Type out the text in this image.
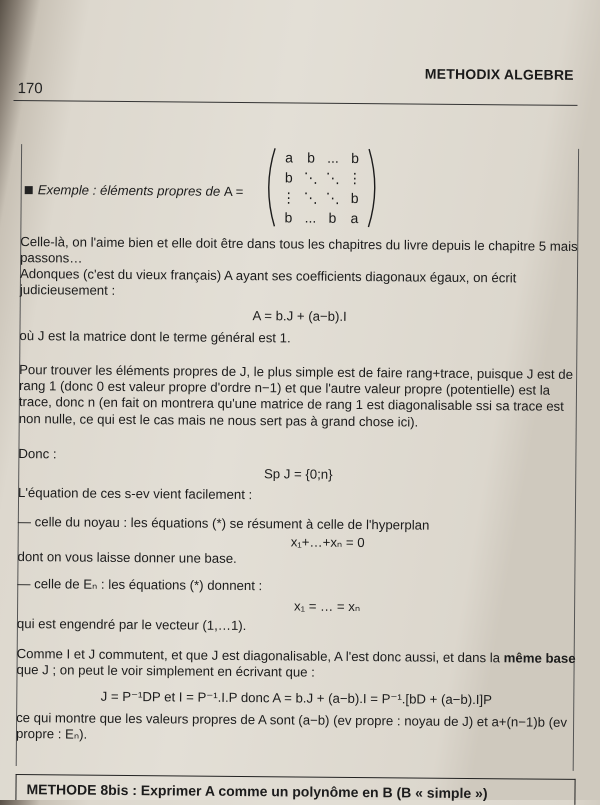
METHODIX ALGEBRE
170
Exemple : éléments propres de A =
a b ... b
b ⋱ ⋱ ⋮
⋮ ⋱ ⋱ b
b ... b a
Celle-là, on l'aime bien et elle doit être dans tous les chapitres du livre depuis le chapitre 5 mais passons…
Adonques (c'est du vieux français) A ayant ses coefficients diagonaux égaux, on écrit judicieusement :
A = b.J + (a−b).I
où J est la matrice dont le terme général est 1.
Pour trouver les éléments propres de J, le plus simple est de faire rang+trace, puisque J est de rang 1 (donc 0 est valeur propre d'ordre n−1) et que l'autre valeur propre (potentielle) est la trace, donc n (en fait on montrera qu'une matrice de rang 1 est diagonalisable ssi sa trace est non nulle, ce qui est le cas mais ne nous sert pas à grand chose ici).
Donc :
Sp J = {0;n}
L'équation de ces s-ev vient facilement :
— celle du noyau : les équations (*) se résument à celle de l'hyperplan
x₁+…+xₙ = 0
dont on vous laisse donner une base.
— celle de Eₙ : les équations (*) donnent :
x₁ = … = xₙ
qui est engendré par le vecteur (1,…1).
Comme I et J commutent, et que J est diagonalisable, A l'est donc aussi, et dans la même base que J ; on peut le voir simplement en écrivant que :
J = P⁻¹DP et I = P⁻¹.I.P donc A = b.J + (a−b).I = P⁻¹.[bD + (a−b).I]P
ce qui montre que les valeurs propres de A sont (a−b) (ev propre : noyau de J) et a+(n−1)b (ev propre : Eₙ).
METHODE 8bis : Exprimer A comme un polynôme en B (B « simple »)
